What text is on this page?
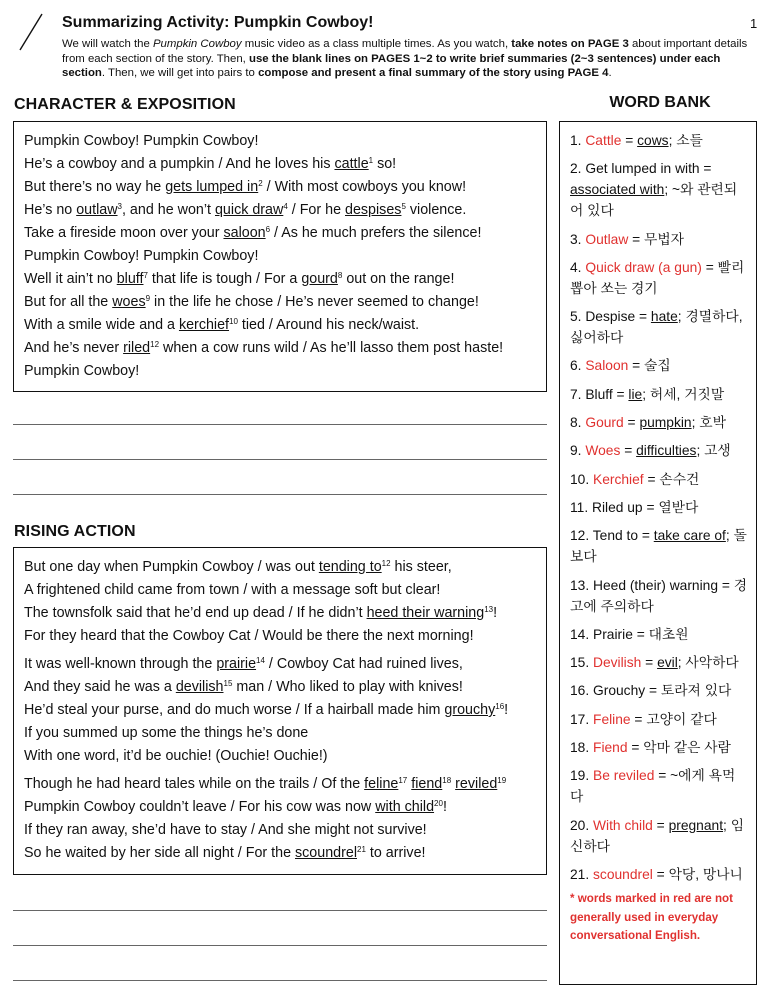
Summarizing Activity: Pumpkin Cowboy!	1
We will watch the Pumpkin Cowboy music video as a class multiple times. As you watch, take notes on PAGE 3 about important details from each section of the story. Then, use the blank lines on PAGES 1~2 to write brief summaries (2~3 sentences) under each section. Then, we will get into pairs to compose and present a final summary of the story using PAGE 4.
CHARACTER & EXPOSITION
Pumpkin Cowboy! Pumpkin Cowboy!
He’s a cowboy and a pumpkin / And he loves his cattle$^1$ so!
But there’s no way he gets lumped $in^2$ / With most cowboys you know!
He’s no outlaw$^3$, and he won’t quick draw$^4$ / For he despises$^5$ violence.
Take a fireside moon over your saloon$^6$ / As he much prefers the silence!
Pumpkin Cowboy! Pumpkin Cowboy!
Well it ain’t no bluff$^7$ that life is tough / For a gourd$^8$ out on the range!
But for all the woes$^9$ in the life he chose / He’s never seemed to change!
With a smile wide and a kerchief$^{10}$ tied / Around his neck/waist.
And he’s never riled$^{12}$ when a cow runs wild / As he’ll lasso them post haste!
Pumpkin Cowboy!
RISING ACTION
But one day when Pumpkin Cowboy / was out tending $to^{12}$ his steer,
A frightened child came from town / with a message soft but clear!
The townsfolk said that he’d end up dead / If he didn’t heed their warning$^{13}$!
For they heard that the Cowboy Cat / Would be there the next morning!
It was well-known through the prairie$^{14}$ / Cowboy Cat had ruined lives,
And they said he was a devilish$^{15}$ man / Who liked to play with knives!
He’d steal your purse, and do much worse / If a hairball made him grouchy$^{16}$!
If you summed up some the things he’s done
With one word, it’d be ouchie! (Ouchie! Ouchie!)
Though he had heard tales while on the trails / Of the feline$^{17}$ fiend$^{18}$ reviled$^{19}$
Pumpkin Cowboy couldn’t leave / For his cow was now with child$^{20}$!
If they ran away, she’d have to stay / And she might not survive!
So he waited by her side all night / For the scoundrel$^{21}$ to arrive!
WORD BANK
1. Cattle = cows; 소들
2. Get lumped in with = associated with; ~와 관련되어 있다
3. Outlaw = 무법자
4. Quick draw (a gun) = 빨리 뽑아 쏘는 경기
5. Despise = hate; 경멸하다, 싫어하다
6. Saloon = 술집
7. Bluff = lie; 허세, 거짓말
8. Gourd = pumpkin; 호박
9. Woes = difficulties; 고생
10. Kerchief = 손수건
11. Riled up = 열받다
12. Tend to = take care of; 돌보다
13. Heed (their) warning = 경고에 주의하다
14. Prairie = 대초원
15. Devilish = evil; 사악하다
16. Grouchy = 토라져 있다
17. Feline = 고양이 같다
18. Fiend = 악마 같은 사람
19. Be reviled = ~에게 욕먹다
20. With child = pregnant; 임신하다
21. scoundrel = 악당, 망나니
* words marked in red are not generally used in everyday conversational English.
